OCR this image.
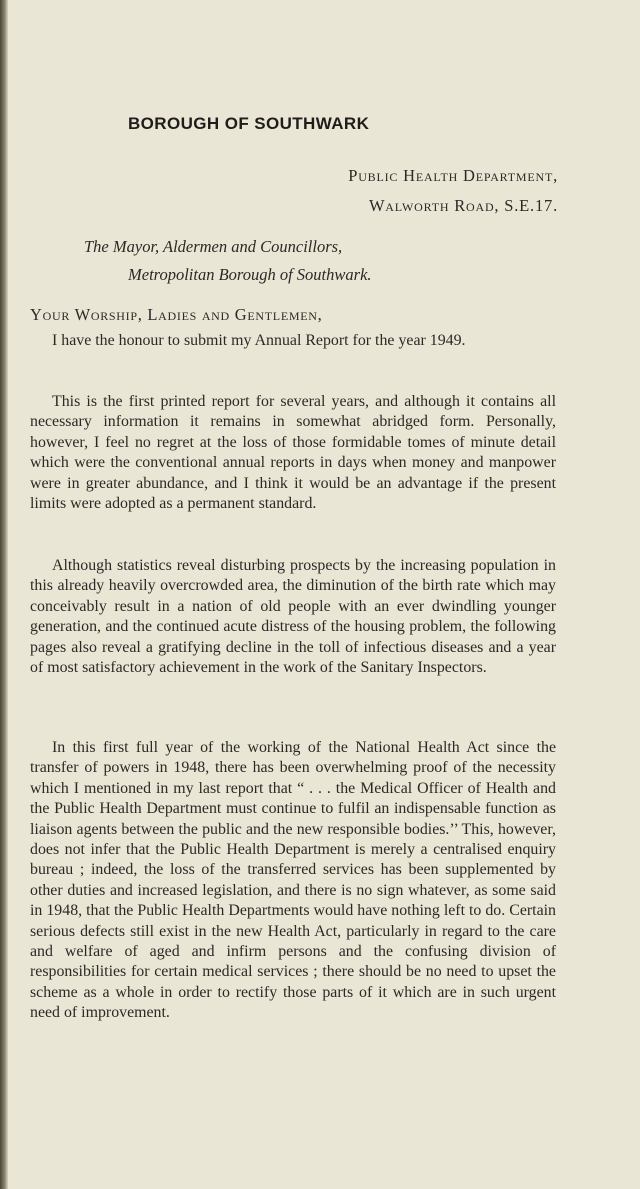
BOROUGH OF SOUTHWARK
Public Health Department,
Walworth Road, S.E.17.
The Mayor, Aldermen and Councillors,
Metropolitan Borough of Southwark.
Your Worship, Ladies and Gentlemen,

I have the honour to submit my Annual Report for the year 1949.

This is the first printed report for several years, and although it contains all necessary information it remains in somewhat abridged form. Personally, however, I feel no regret at the loss of those formidable tomes of minute detail which were the conventional annual reports in days when money and manpower were in greater abundance, and I think it would be an advantage if the present limits were adopted as a permanent standard.

Although statistics reveal disturbing prospects by the increasing population in this already heavily overcrowded area, the diminution of the birth rate which may conceivably result in a nation of old people with an ever dwindling younger generation, and the continued acute distress of the housing problem, the following pages also reveal a gratifying decline in the toll of infectious diseases and a year of most satisfactory achievement in the work of the Sanitary Inspectors.

In this first full year of the working of the National Health Act since the transfer of powers in 1948, there has been overwhelming proof of the necessity which I mentioned in my last report that “ . . . the Medical Officer of Health and the Public Health Department must continue to fulfil an indispensable function as liaison agents between the public and the new responsible bodies.’’ This, however, does not infer that the Public Health Department is merely a centralised enquiry bureau ; indeed, the loss of the transferred services has been supplemented by other duties and increased legislation, and there is no sign whatever, as some said in 1948, that the Public Health Departments would have nothing left to do. Certain serious defects still exist in the new Health Act, particularly in regard to the care and welfare of aged and infirm persons and the confusing division of responsibilities for certain medical services ; there should be no need to upset the scheme as a whole in order to rectify those parts of it which are in such urgent need of improvement.
